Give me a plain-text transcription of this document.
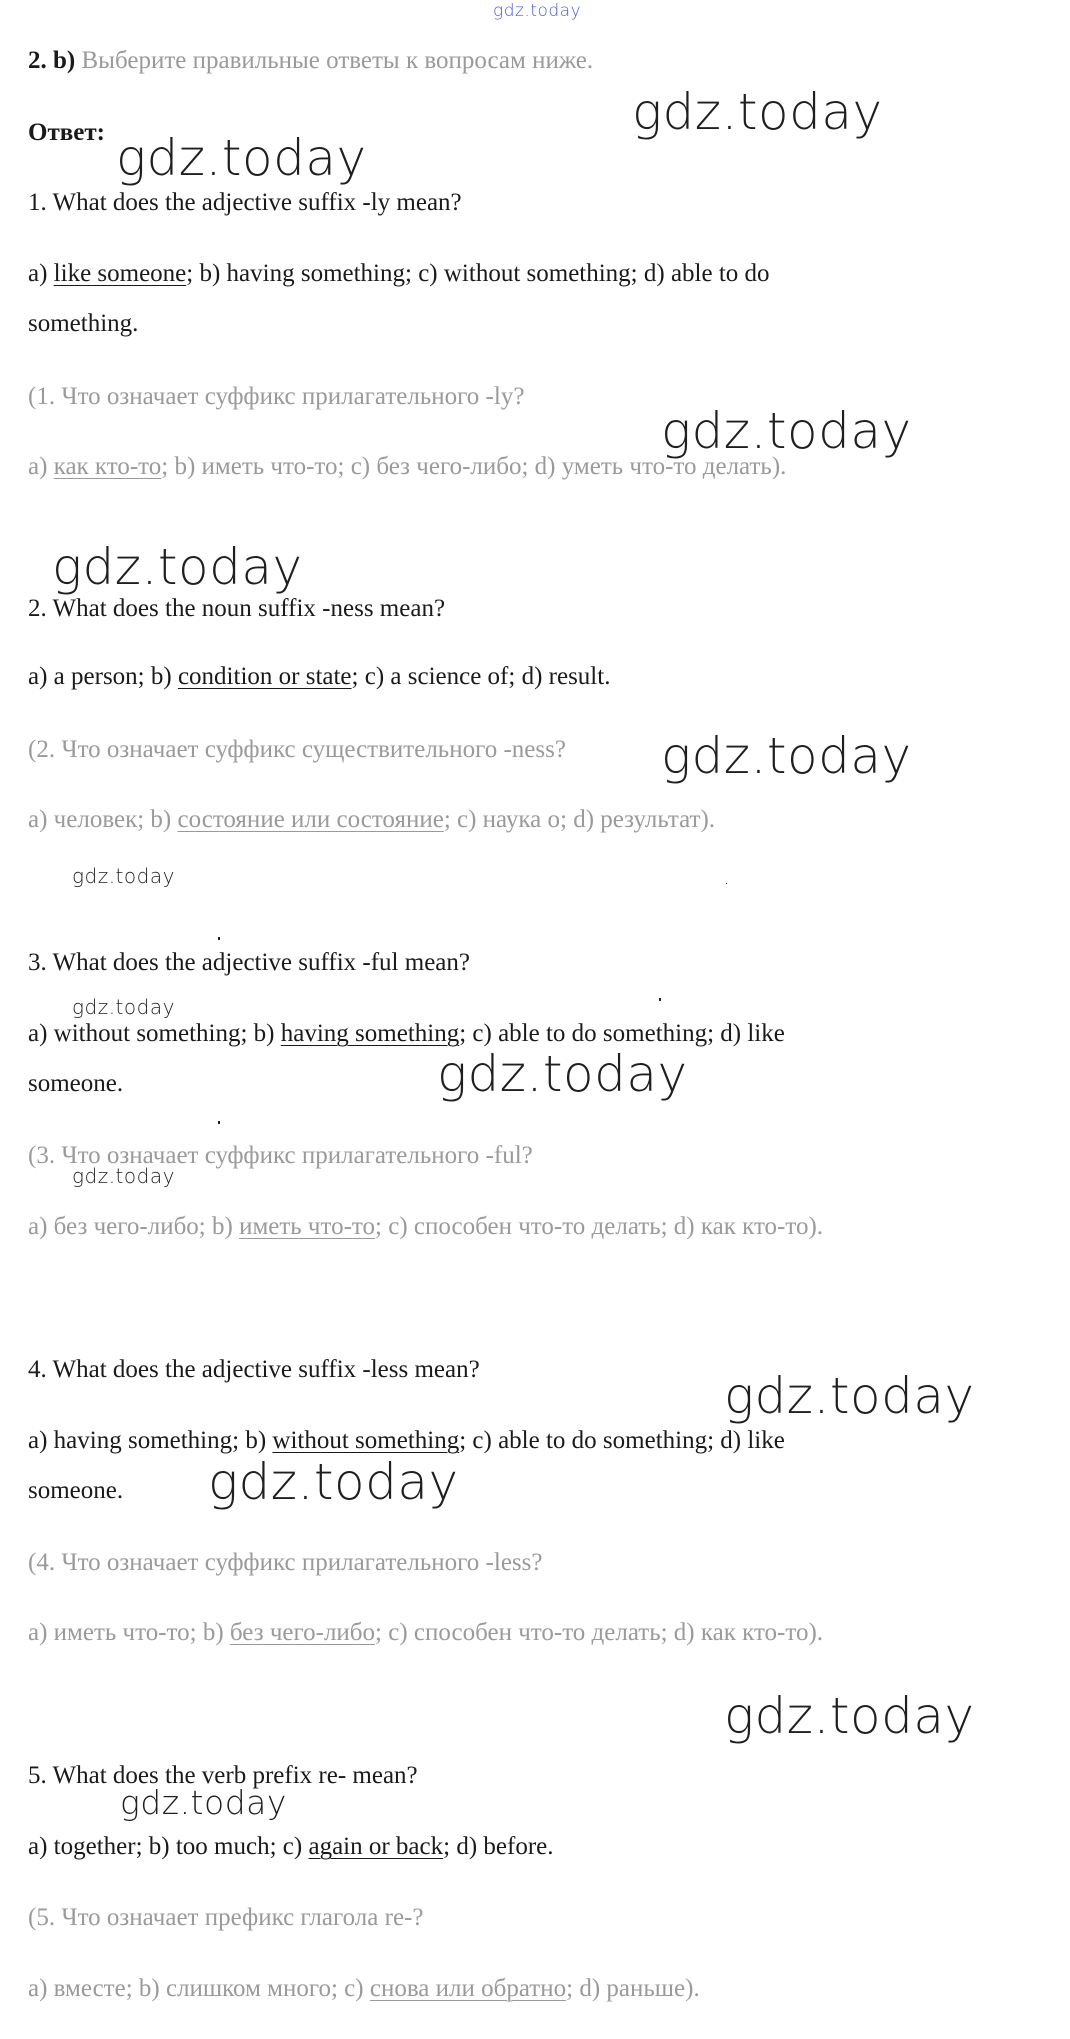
gdz.today
2. b) Выберите правильные ответы к вопросам ниже.
Ответ:
1. What does the adjective suffix -ly mean?
a) like someone; b) having something; c) without something; d) able to do
something.
(1. Что означает суффикс прилагательного -ly?
a) как кто-то; b) иметь что-то; c) без чего-либо; d) уметь что-то делать).
2. What does the noun suffix -ness mean?
a) a person; b) condition or state; c) a science of; d) result.
(2. Что означает суффикс существительного -ness?
a) человек; b) состояние или состояние; c) наука о; d) результат).
3. What does the adjective suffix -ful mean?
a) without something; b) having something; c) able to do something; d) like
someone.
(3. Что означает суффикс прилагательного -ful?
a) без чего-либо; b) иметь что-то; c) способен что-то делать; d) как кто-то).
4. What does the adjective suffix -less mean?
a) having something; b) without something; c) able to do something; d) like
someone.
(4. Что означает суффикс прилагательного -less?
a) иметь что-то; b) без чего-либо; c) способен что-то делать; d) как кто-то).
5. What does the verb prefix re- mean?
a) together; b) too much; c) again or back; d) before.
(5. Что означает префикс глагола re-?
a) вместе; b) слишком много; c) снова или обратно; d) раньше).
gdz.today
gdz.today
gdz.today
gdz.today
gdz.today
gdz.today
gdz.today
gdz.today
gdz.today
gdz.today
gdz.today
gdz.today
gdz.today
